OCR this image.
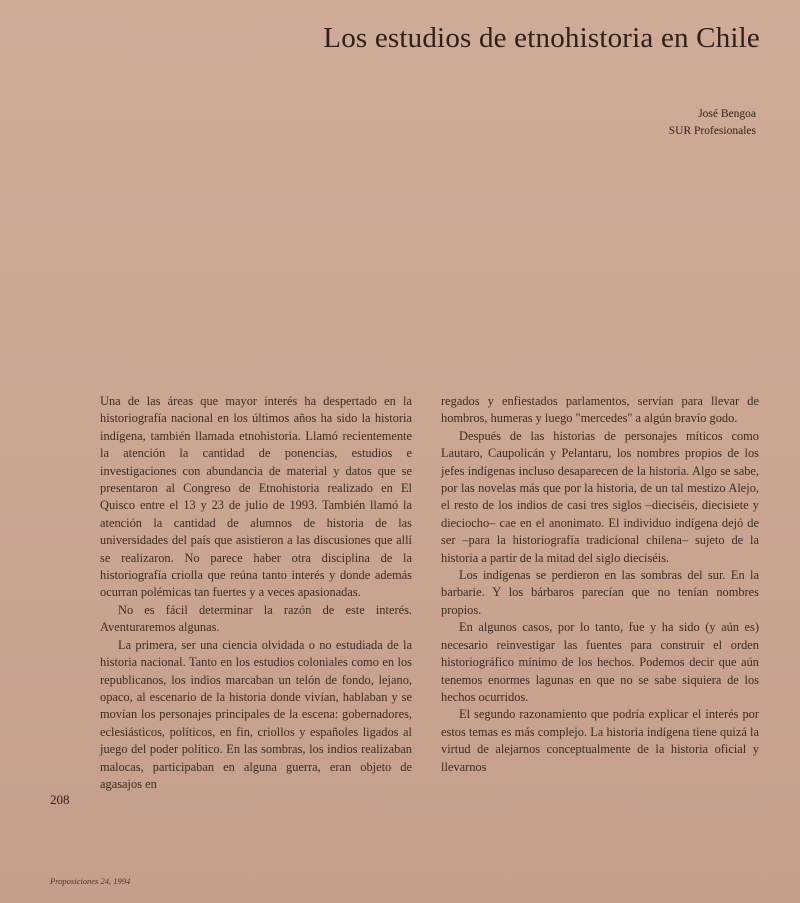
Los estudios de etnohistoria en Chile
José Bengoa
SUR Profesionales

Una de las áreas que mayor interés ha despertado en la historiografía nacional en los últimos años ha sido la historia indígena, también llamada etnohistoria. Llamó recientemente la atención la cantidad de ponencias, estudios e investigaciones con abundancia de material y datos que se presentaron al Congreso de Etnohistoria realizado en El Quisco entre el 13 y 23 de julio de 1993. También llamó la atención la cantidad de alumnos de historia de las universidades del país que asistieron a las discusiones que allí se realizaron. No parece haber otra disciplina de la historiografía criolla que reúna tanto interés y donde además ocurran polémicas tan fuertes y a veces apasionadas.

No es fácil determinar la razón de este interés. Aventuraremos algunas.

La primera, ser una ciencia olvidada o no estudiada de la historia nacional. Tanto en los estudios coloniales como en los republicanos, los indios marcaban un telón de fondo, lejano, opaco, al escenario de la historia donde vivían, hablaban y se movían los personajes principales de la escena: gobernadores, eclesiásticos, políticos, en fin, criollos y españoles ligados al juego del poder político. En las sombras, los indios realizaban malocas, participaban en alguna guerra, eran objeto de agasajos en

regados y enfiestados parlamentos, servían para llevar de hombros, humeras y luego "mercedes" a algún bravío godo.

Después de las historias de personajes míticos como Lautaro, Caupolicán y Pelantaru, los nombres propios de los jefes indígenas incluso desaparecen de la historia. Algo se sabe, por las novelas más que por la historia, de un tal mestizo Alejo, el resto de los indios de casi tres siglos –dieciséis, diecisiete y dieciocho– cae en el anonimato. El individuo indígena dejó de ser –para la historiografía tradicional chilena– sujeto de la historia a partir de la mitad del siglo dieciséis.

Los indígenas se perdieron en las sombras del sur. En la barbarie. Y los bárbaros parecían que no tenían nombres propios.

En algunos casos, por lo tanto, fue y ha sido (y aún es) necesario reinvestigar las fuentes para construir el orden historiográfico mínimo de los hechos. Podemos decir que aún tenemos enormes lagunas en que no se sabe siquiera de los hechos ocurridos.

El segundo razonamiento que podría explicar el interés por estos temas es más complejo. La historia indígena tiene quizá la virtud de alejarnos conceptualmente de la historia oficial y llevarnos

208
Proposiciones 24, 1994
